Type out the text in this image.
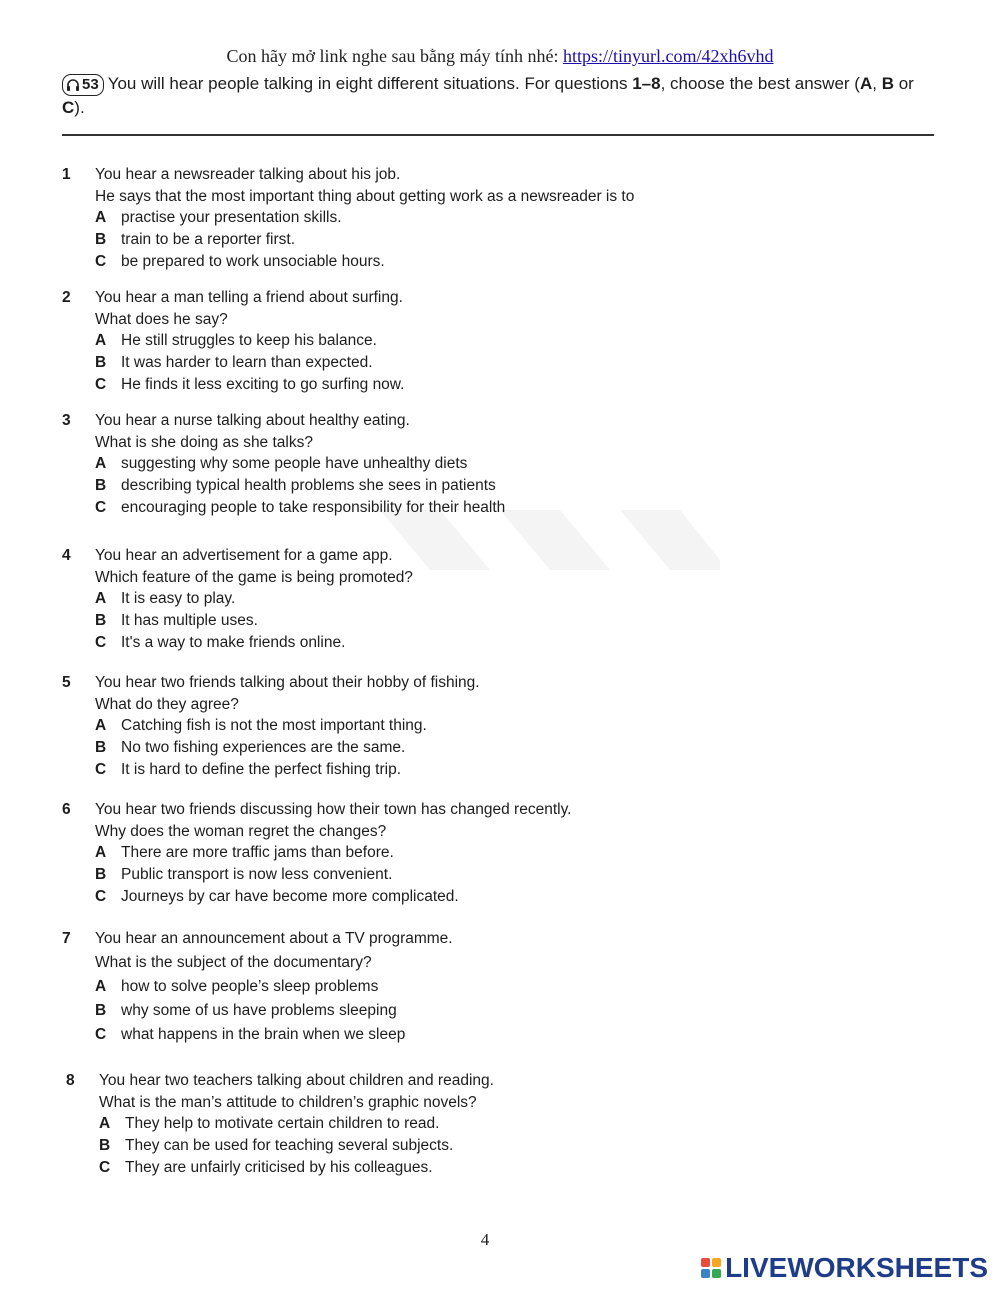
Con hãy mở link nghe sau bằng máy tính nhé: https://tinyurl.com/42xh6vhd
53 You will hear people talking in eight different situations. For questions 1–8, choose the best answer (A, B or C).
1	You hear a newsreader talking about his job.
He says that the most important thing about getting work as a newsreader is to
A practise your presentation skills.
B train to be a reporter first.
C be prepared to work unsociable hours.
2	You hear a man telling a friend about surfing.
What does he say?
A He still struggles to keep his balance.
B It was harder to learn than expected.
C He finds it less exciting to go surfing now.
3	You hear a nurse talking about healthy eating.
What is she doing as she talks?
A suggesting why some people have unhealthy diets
B describing typical health problems she sees in patients
C encouraging people to take responsibility for their health
4	You hear an advertisement for a game app.
Which feature of the game is being promoted?
A It is easy to play.
B It has multiple uses.
C It's a way to make friends online.
5	You hear two friends talking about their hobby of fishing.
What do they agree?
A Catching fish is not the most important thing.
B No two fishing experiences are the same.
C It is hard to define the perfect fishing trip.
6	You hear two friends discussing how their town has changed recently.
Why does the woman regret the changes?
A There are more traffic jams than before.
B Public transport is now less convenient.
C Journeys by car have become more complicated.
7	You hear an announcement about a TV programme.
What is the subject of the documentary?
A how to solve people’s sleep problems
B why some of us have problems sleeping
C what happens in the brain when we sleep
8	You hear two teachers talking about children and reading.
What is the man’s attitude to children’s graphic novels?
A They help to motivate certain children to read.
B They can be used for teaching several subjects.
C They are unfairly criticised by his colleagues.
4
LIVEWORKSHEETS
